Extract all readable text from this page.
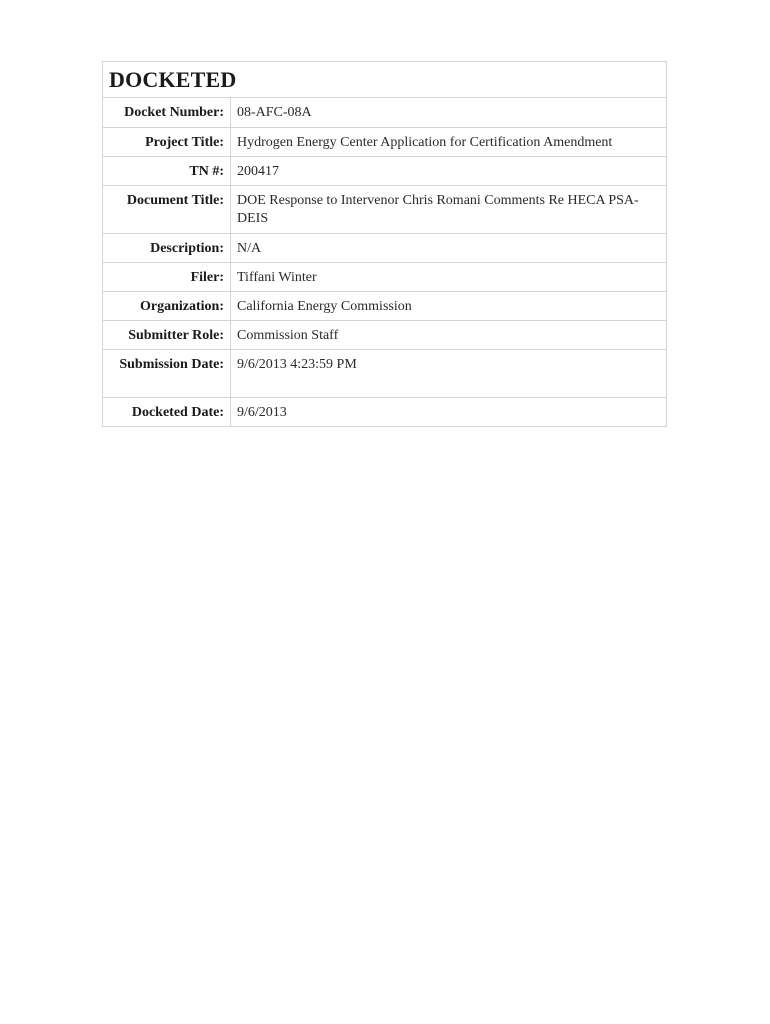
DOCKETED
Docket Number:	08-AFC-08A
Project Title:	Hydrogen Energy Center Application for Certification Amendment
TN #:	200417
Document Title:	DOE Response to Intervenor Chris Romani Comments Re HECA PSA-DEIS
Description:	N/A
Filer:	Tiffani Winter
Organization:	California Energy Commission
Submitter Role:	Commission Staff
Submission Date:	9/6/2013 4:23:59 PM
Docketed Date:	9/6/2013
